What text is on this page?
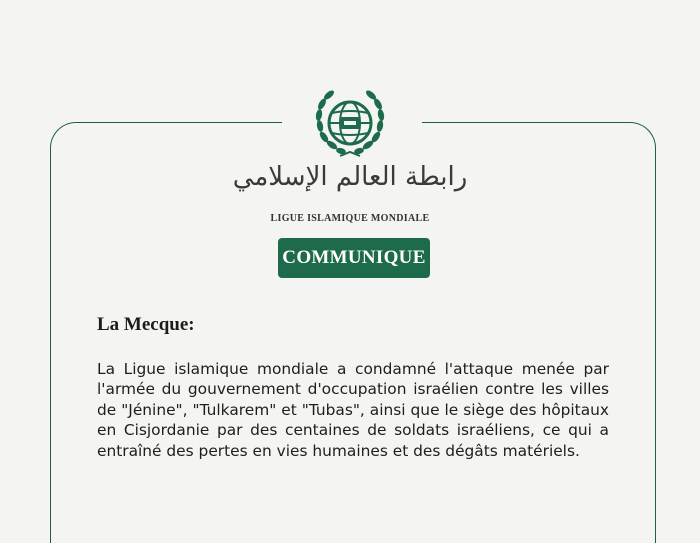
رابطة العالم الإسلامي
LIGUE ISLAMIQUE MONDIALE
COMMUNIQUE
La Mecque:

La Ligue islamique mondiale a condamné l'attaque menée par l'armée du gouvernement d'occupation israélien contre les villes de "Jénine", "Tulkarem" et "Tubas", ainsi que le siège des hôpitaux en Cisjordanie par des centaines de soldats israéliens, ce qui a entraîné des pertes en vies humaines et des dégâts matériels.
